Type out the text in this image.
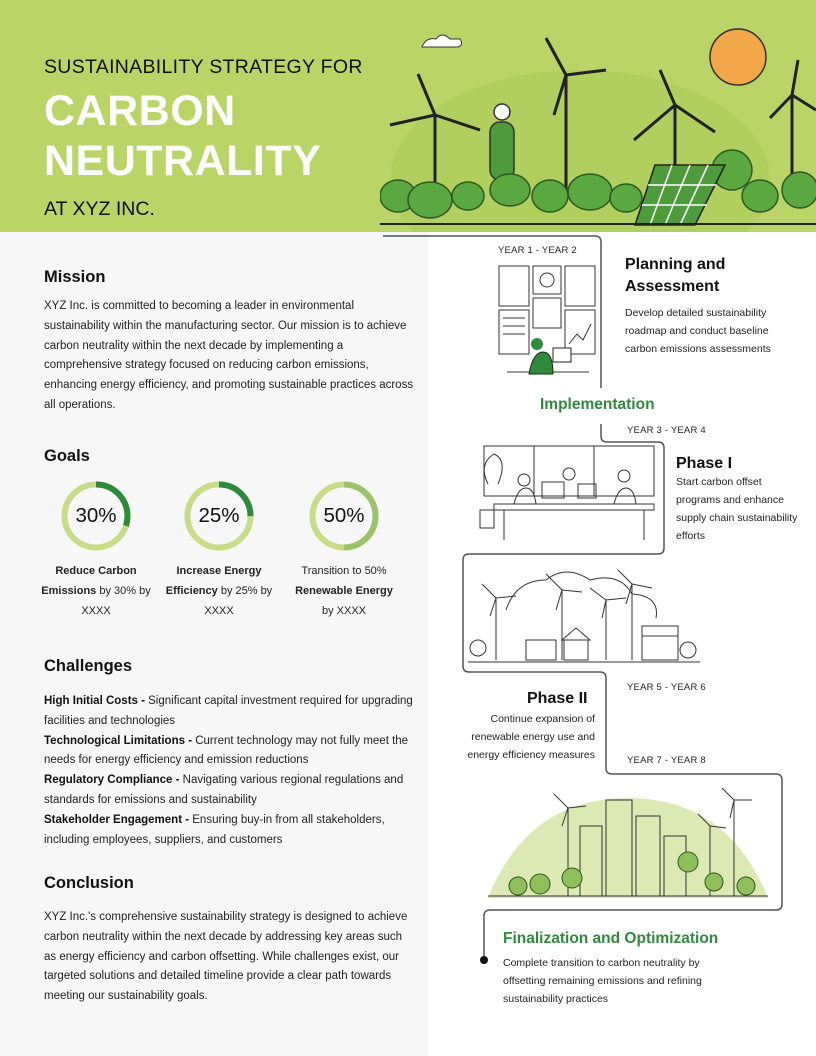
SUSTAINABILITY STRATEGY FOR
CARBON
NEUTRALITY
AT XYZ INC.
Mission
XYZ Inc. is committed to becoming a leader in environmental sustainability within the manufacturing sector. Our mission is to achieve carbon neutrality within the next decade by implementing a comprehensive strategy focused on reducing carbon emissions, enhancing energy efficiency, and promoting sustainable practices across all operations.
Goals
30%
Reduce Carbon Emissions by 30% by XXXX
25%
Increase Energy Efficiency by 25% by XXXX
50%
Transition to 50% Renewable Energy by XXXX
Challenges

High Initial Costs - Significant capital investment required for upgrading facilities and technologies

Technological Limitations - Current technology may not fully meet the needs for energy efficiency and emission reductions

Regulatory Compliance - Navigating various regional regulations and standards for emissions and sustainability

Stakeholder Engagement - Ensuring buy-in from all stakeholders, including employees, suppliers, and customers

Conclusion
XYZ Inc.'s comprehensive sustainability strategy is designed to achieve carbon neutrality within the next decade by addressing key areas such as energy efficiency and carbon offsetting. While challenges exist, our targeted solutions and detailed timeline provide a clear path towards meeting our sustainability goals.
YEAR 1 - YEAR 2
Planning and Assessment
Develop detailed sustainability roadmap and conduct baseline carbon emissions assessments
Implementation
YEAR 3 - YEAR 4
Phase I
Start carbon offset programs and enhance supply chain sustainability efforts
Phase II
YEAR 5 - YEAR 6
Continue expansion of renewable energy use and energy efficiency measures	YEAR 7 - YEAR 8
Finalization and Optimization
Complete transition to carbon neutrality by offsetting remaining emissions and refining sustainability practices
